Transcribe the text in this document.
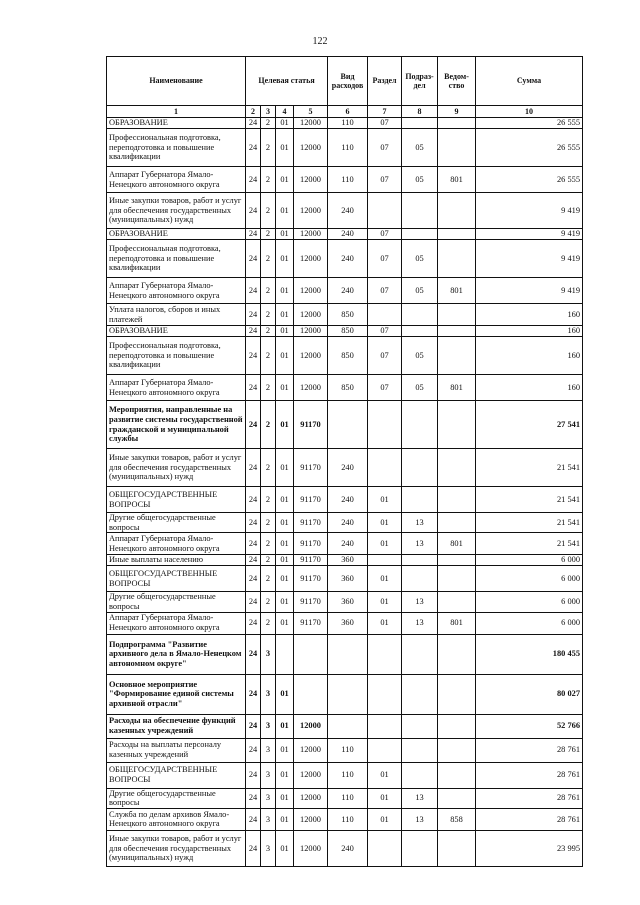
122
Наименование	Целевая статья				Вид расходов	Раздел	Подраз-дел	Ведом-ство	Сумма
1	2	3	4	5	6	7	8	9	10
ОБРАЗОВАНИЕ	24	2	01	12000	110	07			26 555
Профессиональная подготовка, переподготовка и повышение квалификации	24	2	01	12000	110	07	05		26 555
Аппарат Губернатора Ямало-Ненецкого автономного округа	24	2	01	12000	110	07	05	801	26 555
Иные закупки товаров, работ и услуг для обеспечения государственных (муниципальных) нужд	24	2	01	12000	240				9 419
ОБРАЗОВАНИЕ	24	2	01	12000	240	07			9 419
Профессиональная подготовка, переподготовка и повышение квалификации	24	2	01	12000	240	07	05		9 419
Аппарат Губернатора Ямало-Ненецкого автономного округа	24	2	01	12000	240	07	05	801	9 419
Уплата налогов, сборов и иных платежей	24	2	01	12000	850				160
ОБРАЗОВАНИЕ	24	2	01	12000	850	07			160
Профессиональная подготовка, переподготовка и повышение квалификации	24	2	01	12000	850	07	05		160
Аппарат Губернатора Ямало-Ненецкого автономного округа	24	2	01	12000	850	07	05	801	160
Мероприятия, направленные на развитие системы государственной гражданской и муниципальной службы	24	2	01	91170					27 541
Иные закупки товаров, работ и услуг для обеспечения государственных (муниципальных) нужд	24	2	01	91170	240				21 541
ОБЩЕГОСУДАРСТВЕННЫЕ ВОПРОСЫ	24	2	01	91170	240	01			21 541
Другие общегосударственные вопросы	24	2	01	91170	240	01	13		21 541
Аппарат Губернатора Ямало-Ненецкого автономного округа	24	2	01	91170	240	01	13	801	21 541
Иные выплаты населению	24	2	01	91170	360				6 000
ОБЩЕГОСУДАРСТВЕННЫЕ ВОПРОСЫ	24	2	01	91170	360	01			6 000
Другие общегосударственные вопросы	24	2	01	91170	360	01	13		6 000
Аппарат Губернатора Ямало-Ненецкого автономного округа	24	2	01	91170	360	01	13	801	6 000
Подпрограмма "Развитие архивного дела в Ямало-Ненецком автономном округе"	24	3							180 455
Основное мероприятие "Формирование единой системы архивной отрасли"	24	3	01						80 027
Расходы на обеспечение функций казенных учреждений	24	3	01	12000					52 766
Расходы на выплаты персоналу казенных учреждений	24	3	01	12000	110				28 761
ОБЩЕГОСУДАРСТВЕННЫЕ ВОПРОСЫ	24	3	01	12000	110	01			28 761
Другие общегосударственные вопросы	24	3	01	12000	110	01	13		28 761
Служба по делам архивов Ямало-Ненецкого автономного округа	24	3	01	12000	110	01	13	858	28 761
Иные закупки товаров, работ и услуг для обеспечения государственных (муниципальных) нужд	24	3	01	12000	240				23 995
